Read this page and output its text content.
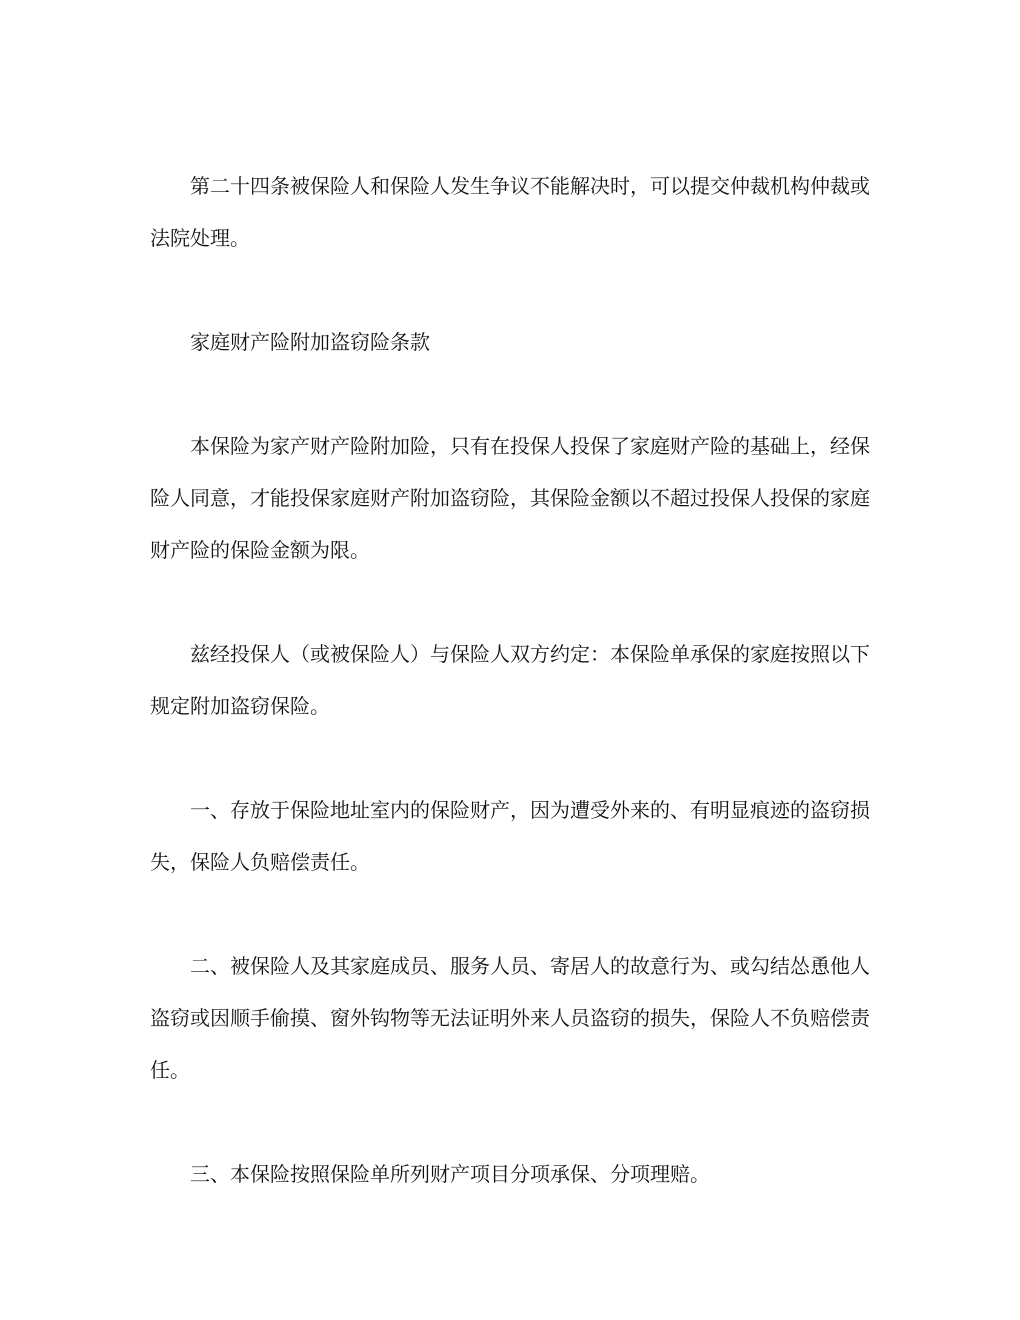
第二十四条被保险人和保险人发生争议不能解决时，可以提交仲裁机构仲裁或
法院处理。
家庭财产险附加盗窃险条款
本保险为家产财产险附加险，只有在投保人投保了家庭财产险的基础上，经保
险人同意，才能投保家庭财产附加盗窃险，其保险金额以不超过投保人投保的家庭
财产险的保险金额为限。
兹经投保人（或被保险人）与保险人双方约定：本保险单承保的家庭按照以下
规定附加盗窃保险。
一、存放于保险地址室内的保险财产，因为遭受外来的、有明显痕迹的盗窃损
失，保险人负赔偿责任。
二、被保险人及其家庭成员、服务人员、寄居人的故意行为、或勾结怂恿他人
盗窃或因顺手偷摸、窗外钩物等无法证明外来人员盗窃的损失，保险人不负赔偿责
任。
三、本保险按照保险单所列财产项目分项承保、分项理赔。
